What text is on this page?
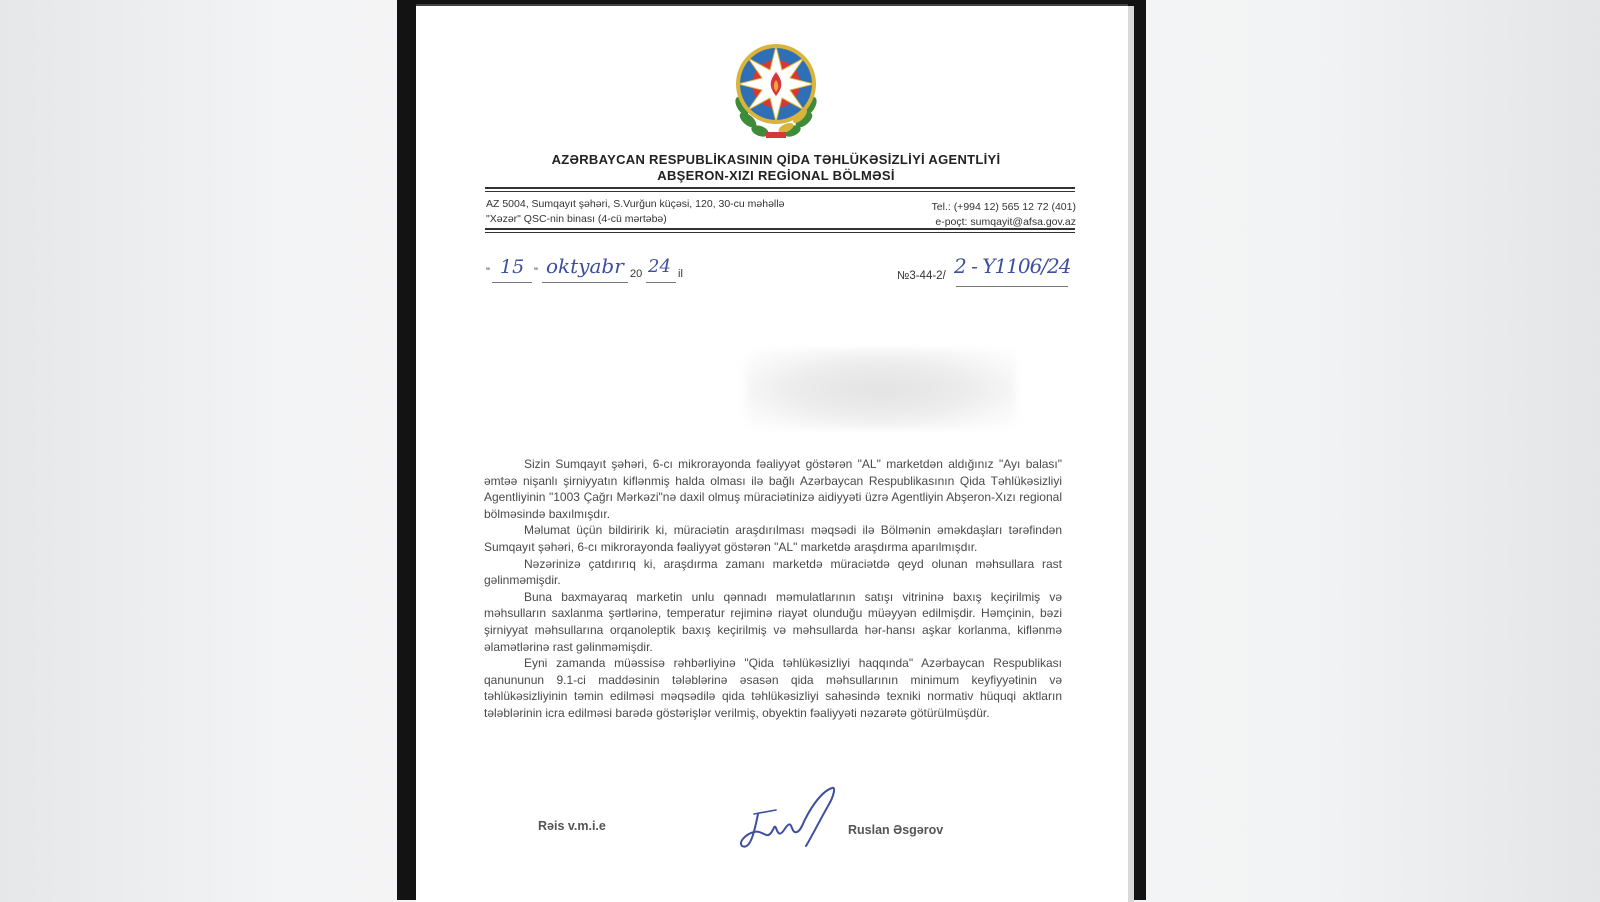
AZƏRBAYCAN RESPUBLİKASININ QİDA TƏHLÜKƏSİZLİYİ AGENTLİYİ
ABŞERON-XIZI REGİONAL BÖLMƏSİ
AZ 5004, Sumqayıt şəhəri, S.Vurğun küçəsi, 120, 30-cu məhəllə
"Xəzər" QSC-nin binası (4-cü mərtəbə)
Tel.: (+994 12) 565 12 72 (401)
e-poçt: sumqayit@afsa.gov.az
" 15 " oktyabr 20 24 il	№3-44-2/ 2 - Y1106/24

Sizin Sumqayıt şəhəri, 6-cı mikrorayonda fəaliyyət göstərən "AL" marketdən aldığınız "Ayı balası" əmtəə nişanlı şirniyyatın kiflənmiş halda olması ilə bağlı Azərbaycan Respublikasının Qida Təhlükəsizliyi Agentliyinin "1003 Çağrı Mərkəzi"nə daxil olmuş müraciətinizə aidiyyəti üzrə Agentliyin Abşeron-Xızı regional bölməsində baxılmışdır.

Məlumat üçün bildiririk ki, müraciətin araşdırılması məqsədi ilə Bölmənin əməkdaşları tərəfindən Sumqayıt şəhəri, 6-cı mikrorayonda fəaliyyət göstərən "AL" marketdə araşdırma aparılmışdır.

Nəzərinizə çatdırırıq ki, araşdırma zamanı marketdə müraciətdə qeyd olunan məhsullara rast gəlinməmişdir.

Buna baxmayaraq marketin unlu qənnadı məmulatlarının satışı vitrininə baxış keçirilmiş və məhsulların saxlanma şərtlərinə, temperatur rejiminə riayət olunduğu müəyyən edilmişdir. Həmçinin, bəzi şirniyyat məhsullarına orqanoleptik baxış keçirilmiş və məhsullarda hər-hansı aşkar korlanma, kiflənmə əlamətlərinə rast gəlinməmişdir.

Eyni zamanda müəssisə rəhbərliyinə "Qida təhlükəsizliyi haqqında" Azərbaycan Respublikası qanununun 9.1-ci maddəsinin tələblərinə əsasən qida məhsullarının minimum keyfiyyətinin və təhlükəsizliyinin təmin edilməsi məqsədilə qida təhlükəsizliyi sahəsində texniki normativ hüquqi aktların tələblərinin icra edilməsi barədə göstərişlər verilmiş, obyektin fəaliyyəti nəzarətə götürülmüşdür.

Rəis v.m.i.e	Ruslan Əsgərov
